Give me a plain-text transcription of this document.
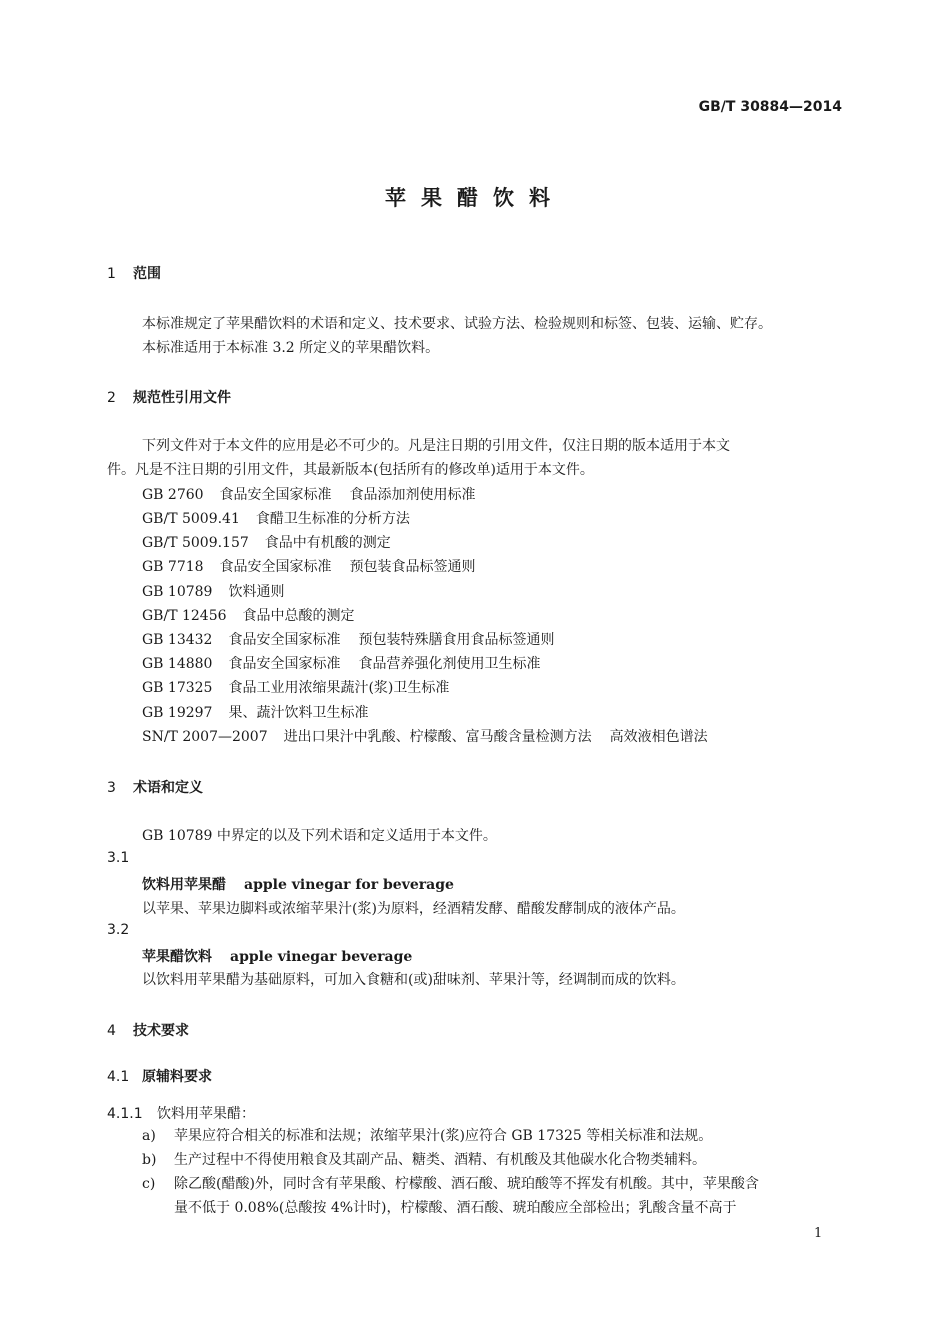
GB/T 30884—2014
苹果醋饮料
1 范围
本标准规定了苹果醋饮料的术语和定义、技术要求、试验方法、检验规则和标签、包装、运输、贮存。
本标准适用于本标准 3.2 所定义的苹果醋饮料。
2 规范性引用文件
下列文件对于本文件的应用是必不可少的。凡是注日期的引用文件，仅注日期的版本适用于本文
件。凡是不注日期的引用文件，其最新版本(包括所有的修改单)适用于本文件。
GB 2760 食品安全国家标准 食品添加剂使用标准
GB/T 5009.41 食醋卫生标准的分析方法
GB/T 5009.157 食品中有机酸的测定
GB 7718 食品安全国家标准 预包装食品标签通则
GB 10789 饮料通则
GB/T 12456 食品中总酸的测定
GB 13432 食品安全国家标准 预包装特殊膳食用食品标签通则
GB 14880 食品安全国家标准 食品营养强化剂使用卫生标准
GB 17325 食品工业用浓缩果蔬汁(浆)卫生标准
GB 19297 果、蔬汁饮料卫生标准
SN/T 2007—2007 进出口果汁中乳酸、柠檬酸、富马酸含量检测方法 高效液相色谱法
3 术语和定义
GB 10789 中界定的以及下列术语和定义适用于本文件。
3.1
饮料用苹果醋 apple vinegar for beverage
以苹果、苹果边脚料或浓缩苹果汁(浆)为原料，经酒精发酵、醋酸发酵制成的液体产品。
3.2
苹果醋饮料 apple vinegar beverage
以饮料用苹果醋为基础原料，可加入食糖和(或)甜味剂、苹果汁等，经调制而成的饮料。
4 技术要求
4.1 原辅料要求
4.1.1 饮料用苹果醋：
a) 苹果应符合相关的标准和法规；浓缩苹果汁(浆)应符合 GB 17325 等相关标准和法规。
b) 生产过程中不得使用粮食及其副产品、糖类、酒精、有机酸及其他碳水化合物类辅料。
c) 除乙酸(醋酸)外，同时含有苹果酸、柠檬酸、酒石酸、琥珀酸等不挥发有机酸。其中，苹果酸含
量不低于 0.08%(总酸按 4%计时)，柠檬酸、酒石酸、琥珀酸应全部检出；乳酸含量不高于
1
